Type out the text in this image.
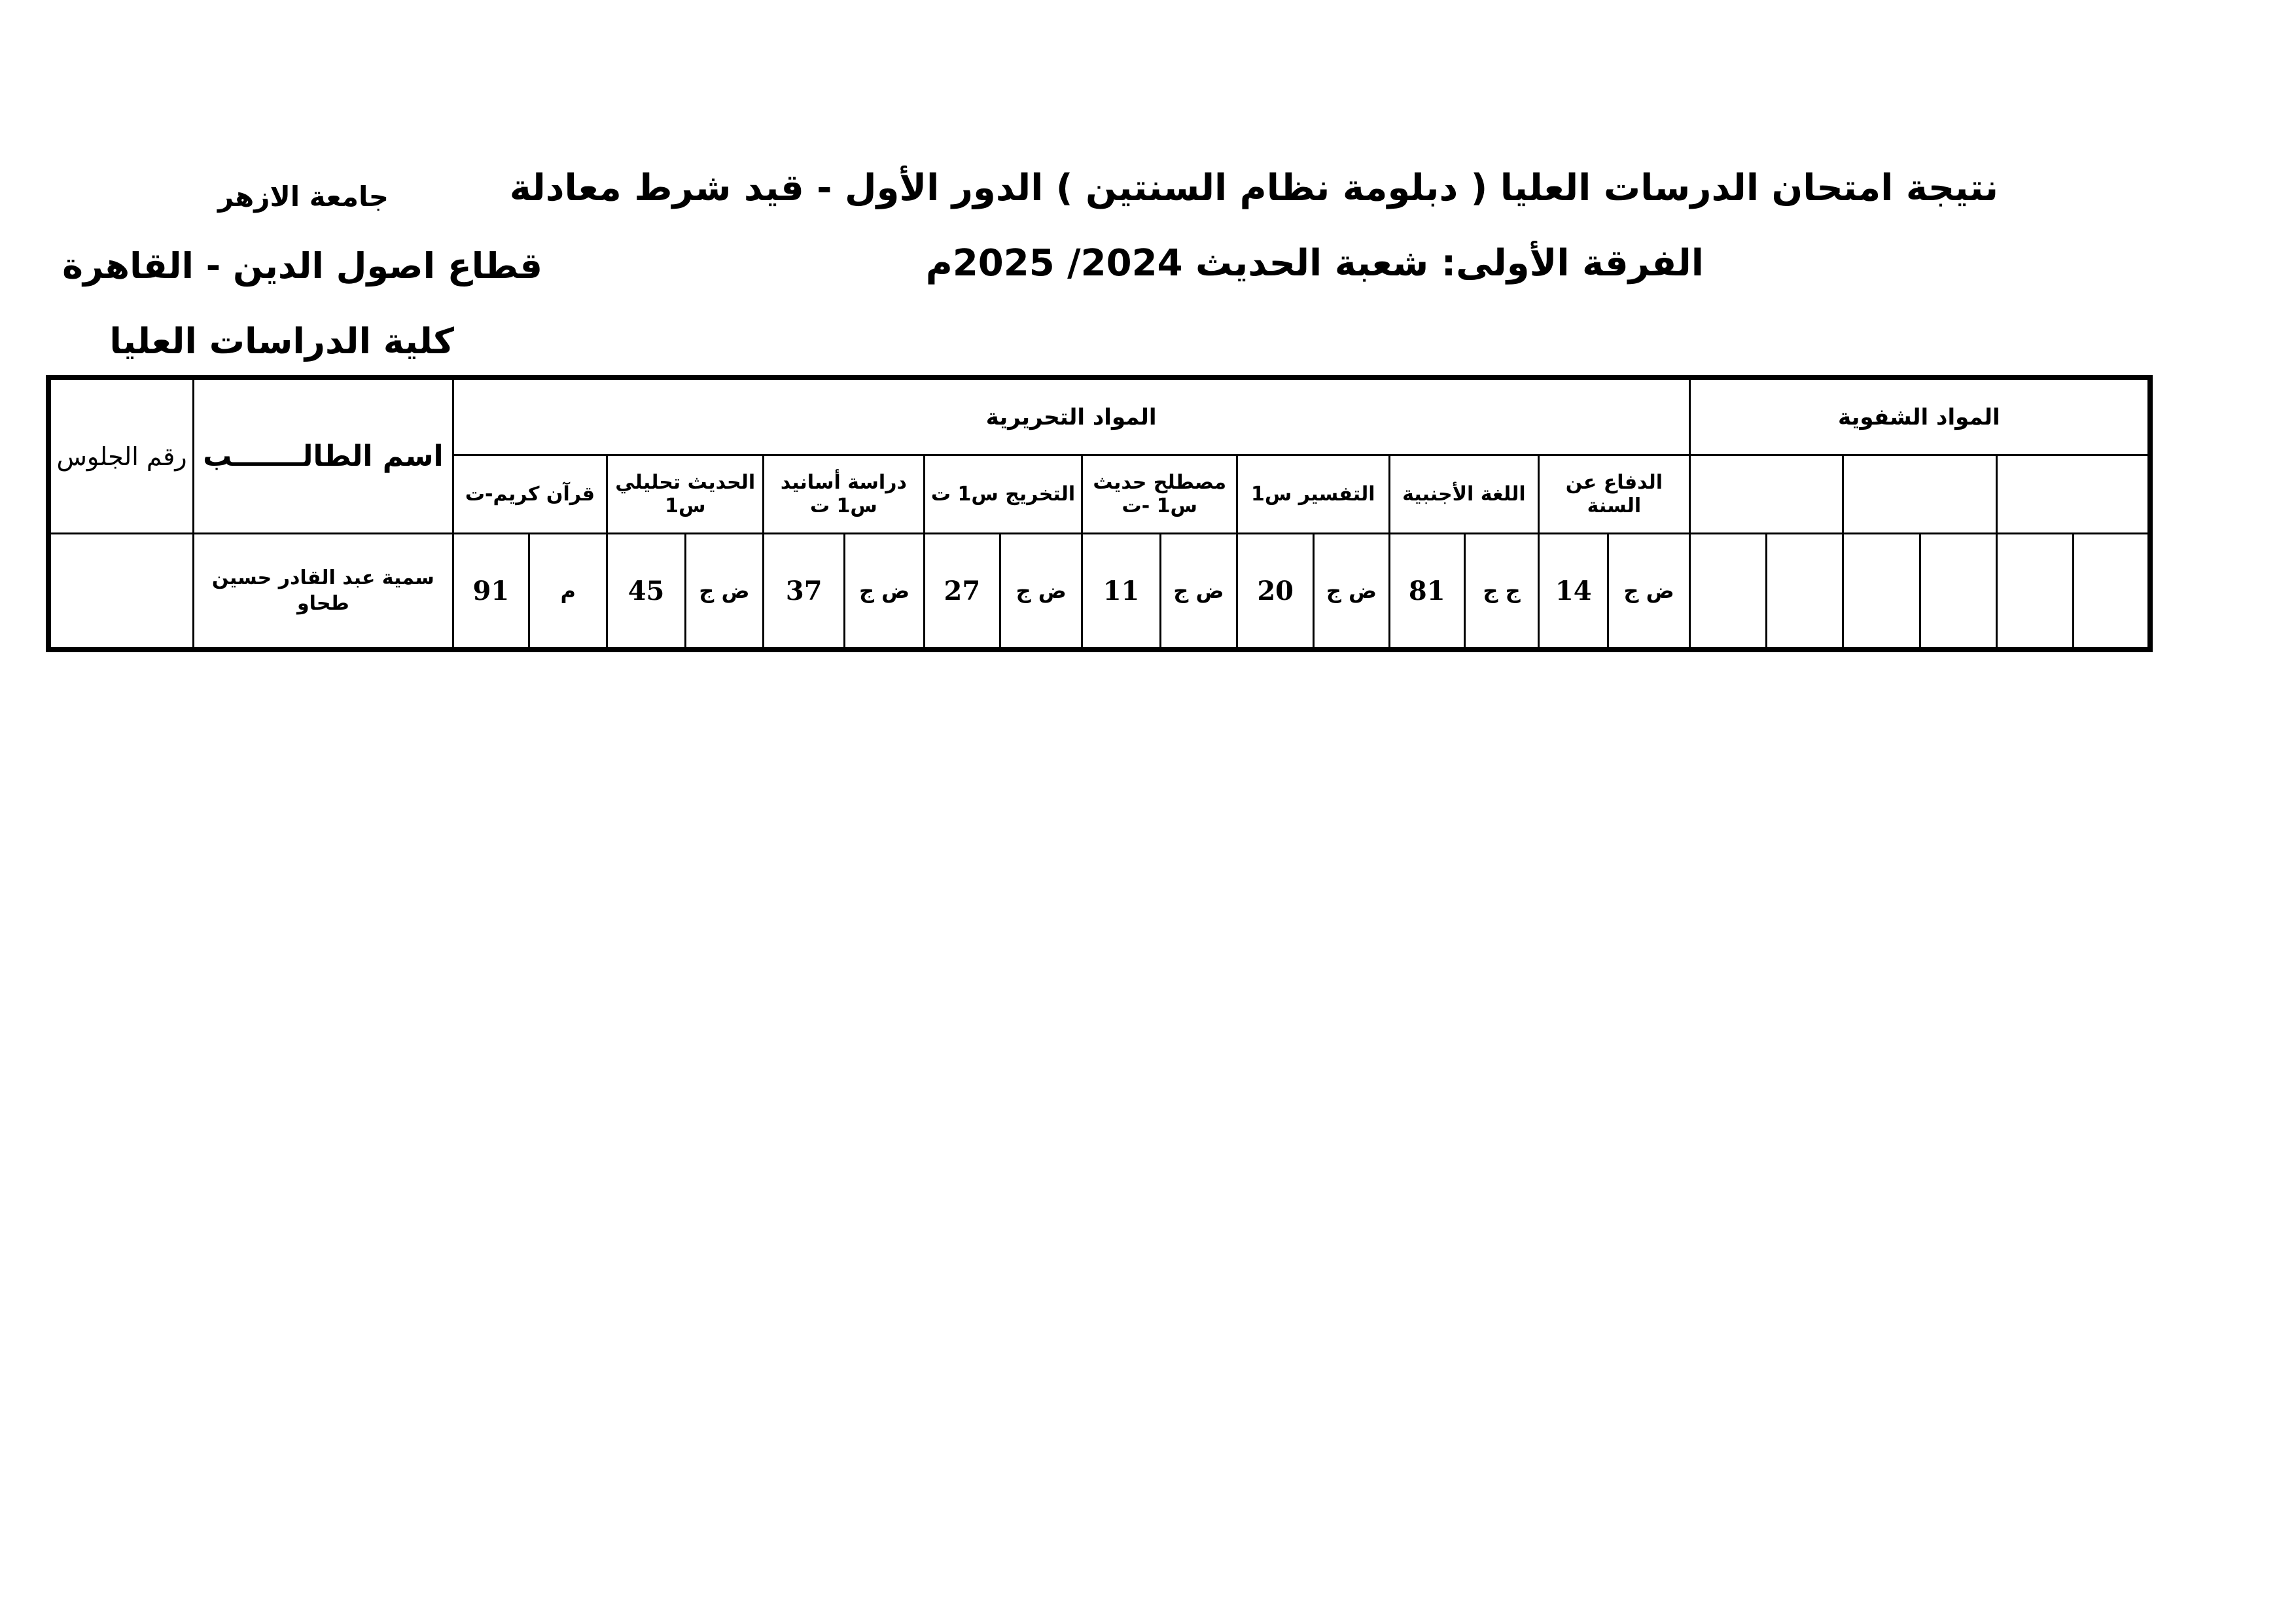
نتيجة امتحان الدرسات العليا ( دبلومة نظام السنتين ) الدور الأول - قيد شرط معادلة
الفرقة الأولى: شعبة الحديث 2024/ 2025م
جامعة الازهر
قطاع اصول الدين - القاهرة
كلية الدراسات العليا
المواد الشفوية						المواد التحريرية																اسم الطالـــــــب	رقم الجلوس
						الدفاع عن السنة		اللغة الأجنبية		التفسير س1		مصطلح حديث س1 -ت		التخريج س1 ت		دراسة أسانيد س1 ت		الحديث تحليلي س1		قرآن كريم-ت			
						ض ج	14	ج ج	81	ض ج	20	ض ج	11	ض ج	27	ض ج	37	ض ج	45	م	91	سمية عبد القادر حسين طحاو	
